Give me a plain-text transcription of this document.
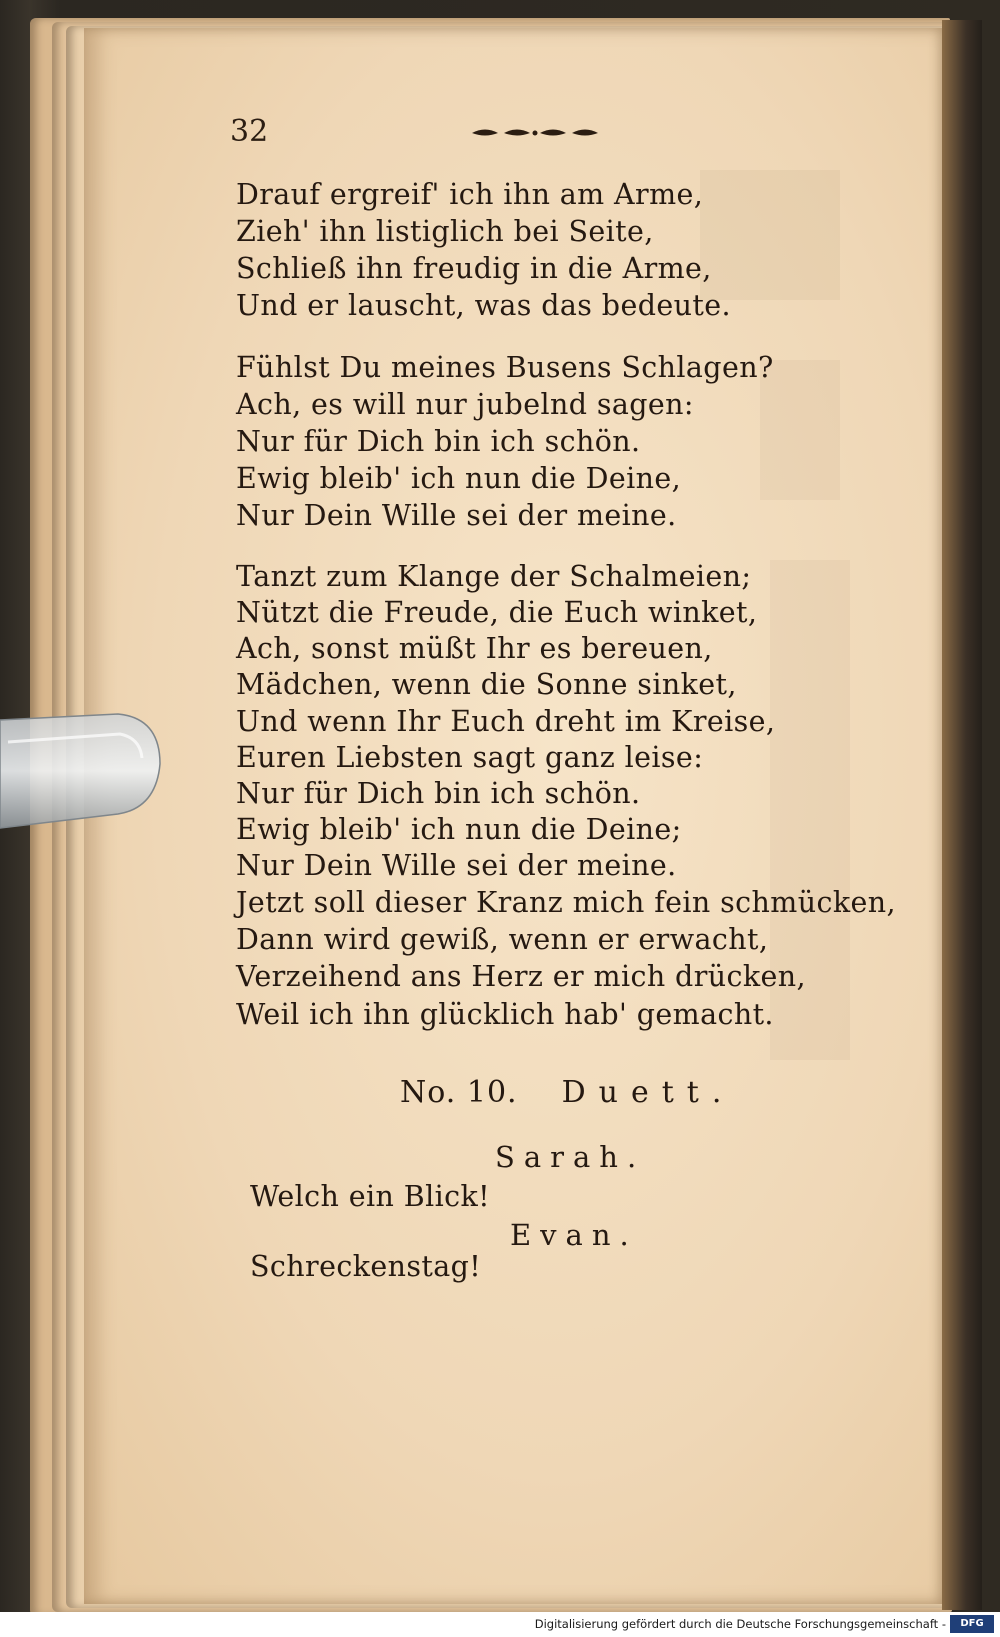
32
Drauf ergreif' ich ihn am Arme,
Zieh' ihn listiglich bei Seite,
Schließ ihn freudig in die Arme,
Und er lauscht, was das bedeute.
Fühlst Du meines Busens Schlagen?
Ach, es will nur jubelnd sagen:
Nur für Dich bin ich schön.
Ewig bleib' ich nun die Deine,
Nur Dein Wille sei der meine.
Tanzt zum Klange der Schalmeien;
Nützt die Freude, die Euch winket,
Ach, sonst müßt Ihr es bereuen,
Mädchen, wenn die Sonne sinket,
Und wenn Ihr Euch dreht im Kreise,
Euren Liebsten sagt ganz leise:
Nur für Dich bin ich schön.
Ewig bleib' ich nun die Deine;
Nur Dein Wille sei der meine.
Jetzt soll dieser Kranz mich fein schmücken,
Dann wird gewiß, wenn er erwacht,
Verzeihend ans Herz er mich drücken,
Weil ich ihn glücklich hab' gemacht.
No. 10. Duett.
Sarah.
Welch ein Blick!
Evan.
Schreckenstag!
Digitalisierung gefördert durch die Deutsche Forschungsgemeinschaft -	DFG
